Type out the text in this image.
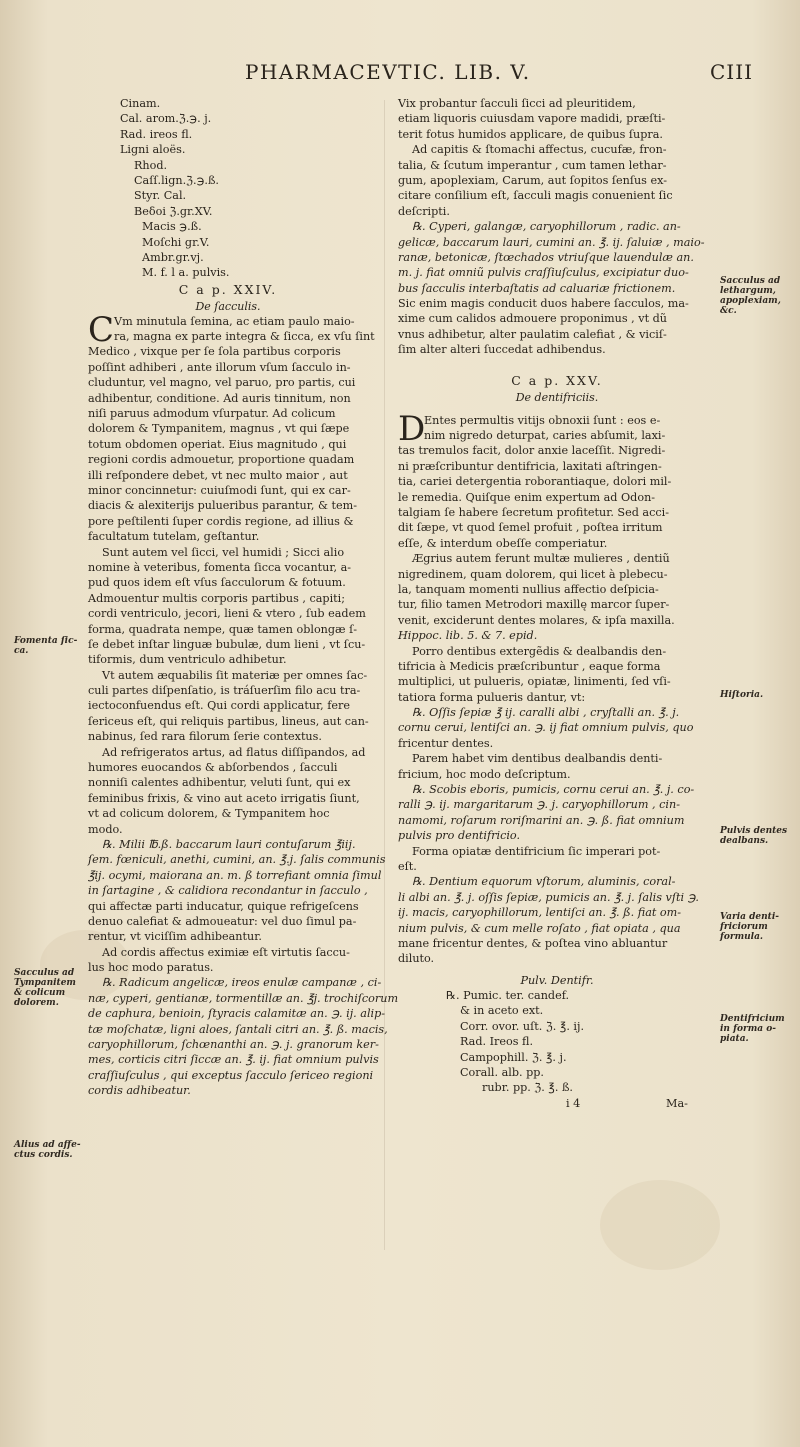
PHARMACEVTIC. LIB. V.	CIII
Fomenta ſic-
ca.
Sacculus ad
Tympanitem
& colicum
dolorem.
Alius ad affe-
ctus cordis.
Cinam.
Cal. arom.ℨ.℈. j.
Rad. ireos fl.
Ligni aloës.
Rhod.
Caſſ.lign.ℨ.℈.ß.
Styr. Cal.
Beδoi ℨ.gr.XV.
Macis ℈.ß.
Moſchi gr.V.
Ambr.gr.vj.
M. f. l a. pulvis.
C a p. XXIV.
De ſacculis.
C Vm minutula ſemina, ac etiam paulo maio-
ra, magna ex parte integra & ſicca, ex vſu ſint
Medico , vixque per ſe ſola partibus corporis
poſſint adhiberi , ante illorum vſum ſacculo in-
cluduntur, vel magno, vel paruo, pro partis, cui
adhibentur, conditione. Ad auris tinnitum, non
niſi paruus admodum vſurpatur. Ad colicum
dolorem & Tympanitem, magnus , vt qui ſæpe
totum obdomen operiat. Eius magnitudo , qui
regioni cordis admouetur, proportione quadam
illi reſpondere debet, vt nec multo maior , aut
minor concinnetur: cuiuſmodi ſunt, qui ex car-
diacis & alexiterijs pulueribus parantur, & tem-
pore peſtilenti ſuper cordis regione, ad illius &
facultatum tutelam, geſtantur.
Sunt autem vel ſicci, vel humidi ; Sicci alio
nomine à veteribus, fomenta ſicca vocantur, a-
pud quos idem eſt vſus ſacculorum & fotuum.
Admouentur multis corporis partibus , capiti;
cordi ventriculo, jecori, lieni & vtero , ſub eadem
forma, quadrata nempe, quæ tamen oblongæ ſ-
ſe debet inſtar linguæ bubulæ, dum lieni , vt ſcu-
tiformis, dum ventriculo adhibetur.
Vt autem æquabilis ſit materiæ per omnes ſac-
culi partes diſpenſatio, is tráſuerſim filo acu tra-
iectoconfuendus eſt. Qui cordi applicatur, fere
ſericeus eſt, qui reliquis partibus, lineus, aut can-
nabinus, ſed rara filorum ſerie contextus.
Ad refrigeratos artus, ad flatus diſſipandos, ad
humores euocandos & abſorbendos , ſacculi
nonniſi calentes adhibentur, veluti ſunt, qui ex
feminibus frixis, & vino aut aceto irrigatis ſiunt,
vt ad colicum dolorem, & Tympanitem hoc
modo.
℞. Milii ℔.ß. baccarum lauri contuſarum ℥iij.
ſem. fœniculi, anethi, cumini, an. ℥.j. ſalis communis
℥ij. ocymi, maiorana an. m. ß torrefiant omnia ſimul
in ſartagine , & calidiora recondantur in ſacculo ,
qui affectæ parti inducatur, quique refrigeſcens
denuo calefiat & admoueatur: vel duo ſimul pa-
rentur, vt viciſſim adhibeantur.
Ad cordis affectus eximiæ eſt virtutis ſaccu-
lus hoc modo paratus.
℞. Radicum angelicæ, ireos enulæ campanæ , ci-
næ, cyperi, gentianæ, tormentillæ an. ℥j. trochiſcorum
de caphura, benioin, ſtyracis calamitæ an. ℈. ij. alip-
tæ moſchatæ, ligni aloes, ſantali citri an. ℥. ß. macis,
caryophillorum, ſchœnanthi an. ℈. j. granorum ker-
mes, corticis citri ſiccæ an. ℥. ij. fiat omnium pulvis
craſſiuſculus , qui exceptus ſacculo ſericeo regioni
cordis adhibeatur.
Vix probantur ſacculi ſicci ad pleuritidem,
etiam liquoris cuiusdam vapore madidi, præſti-
terit fotus humidos applicare, de quibus ſupra.
Ad capitis & ſtomachi affectus, cucufæ, fron-
talia, & ſcutum imperantur , cum tamen lethar-
gum, apoplexiam, Carum, aut ſopitos ſenſus ex-
citare conſilium eſt, ſacculi magis conuenient ſic
deſcripti.
℞. Cyperi, galangæ, caryophillorum , radic. an-
gelicæ, baccarum lauri, cumini an. ℥. ij. ſaluiæ , maio-
ranæ, betonicæ, ſtœchados vtriuſque lauendulæ an.
m. j. fiat omniũ pulvis craſſiuſculus, excipiatur duo-
bus ſacculis interbaſtatis ad caluariæ frictionem.
Sic enim magis conducit duos habere ſacculos, ma-
xime cum calidos admouere proponimus , vt dũ
vnus adhibetur, alter paulatim calefiat , & viciſ-
ſim alter alteri ſuccedat adhibendus.
C a p. XXV.
De dentifriciis.
D
Entes permultis vitijs obnoxii ſunt : eos e-
nim nigredo deturpat, caries abſumit, laxi-
tas tremulos facit, dolor anxie laceſſit. Nigredi-
ni præſcribuntur dentifricia, laxitati aſtringen-
tia, cariei detergentia roborantiaque, dolori mil-
le remedia. Quiſque enim expertum ad Odon-
talgiam ſe habere ſecretum profitetur. Sed acci-
dit ſæpe, vt quod ſemel profuit , poſtea irritum
eſſe, & interdum obeſſe comperiatur.
Ægrius autem ferunt multæ mulieres , dentiũ
nigredinem, quam dolorem, qui licet à plebecu-
la, tanquam momenti nullius affectio deſpicia-
tur, filio tamen Metrodori maxillę marcor ſuper-
venit, exciderunt dentes molares, & ipſa maxilla.
Hippoc. lib. 5. & 7. epid.
Porro dentibus extergẽdis & dealbandis den-
tifricia à Medicis præſcribuntur , eaque forma
multiplici, ut pulueris, opiatæ, linimenti, ſed vſi-
tatiora forma pulueris dantur, vt:
℞. Oſſis ſepiæ ℥ ij. caralli albi , cryſtalli an. ℥. j.
cornu cerui, lentiſci an. ℈. ij fiat omnium pulvis, quo
fricentur dentes.
Parem habet vim dentibus dealbandis denti-
fricium, hoc modo deſcriptum.
℞. Scobis eboris, pumicis, cornu cerui an. ℥. j. co-
ralli ℈. ij. margaritarum ℈. j. caryophillorum , cin-
namomi, roſarum roriſmarini an. ℈. ß. fiat omnium
pulvis pro dentifricio.
Forma opiatæ dentifricium ſic imperari pot-
eſt.
℞. Dentium equorum vſtorum, aluminis, coral-
li albi an. ℥. j. oſſis ſepiæ, pumicis an. ℥. j. ſalis vſti ℈.
ij. macis, caryophillorum, lentiſci an. ℥. ß. fiat om-
nium pulvis, & cum melle roſato , fiat opiata , qua
mane fricentur dentes, & poſtea vino abluantur
diluto.
Pulv. Dentifr.
℞. Pumic. ter. candef.
& in aceto ext.
Corr. ovor. uſt. ℨ. ℥. ij.
Rad. Ireos fl.
Campophill. ℨ. ℥. j.
Corall. alb. pp.
rubr. pp. ℨ. ℥. ß.
i 4	Ma-
Sacculus ad
lethargum,
apoplexiam,
&c.
Hiſtoria.
Pulvis dentes
dealbans.
Varia denti-
friciorum
formula.
Dentifricium
in forma o-
piata.
